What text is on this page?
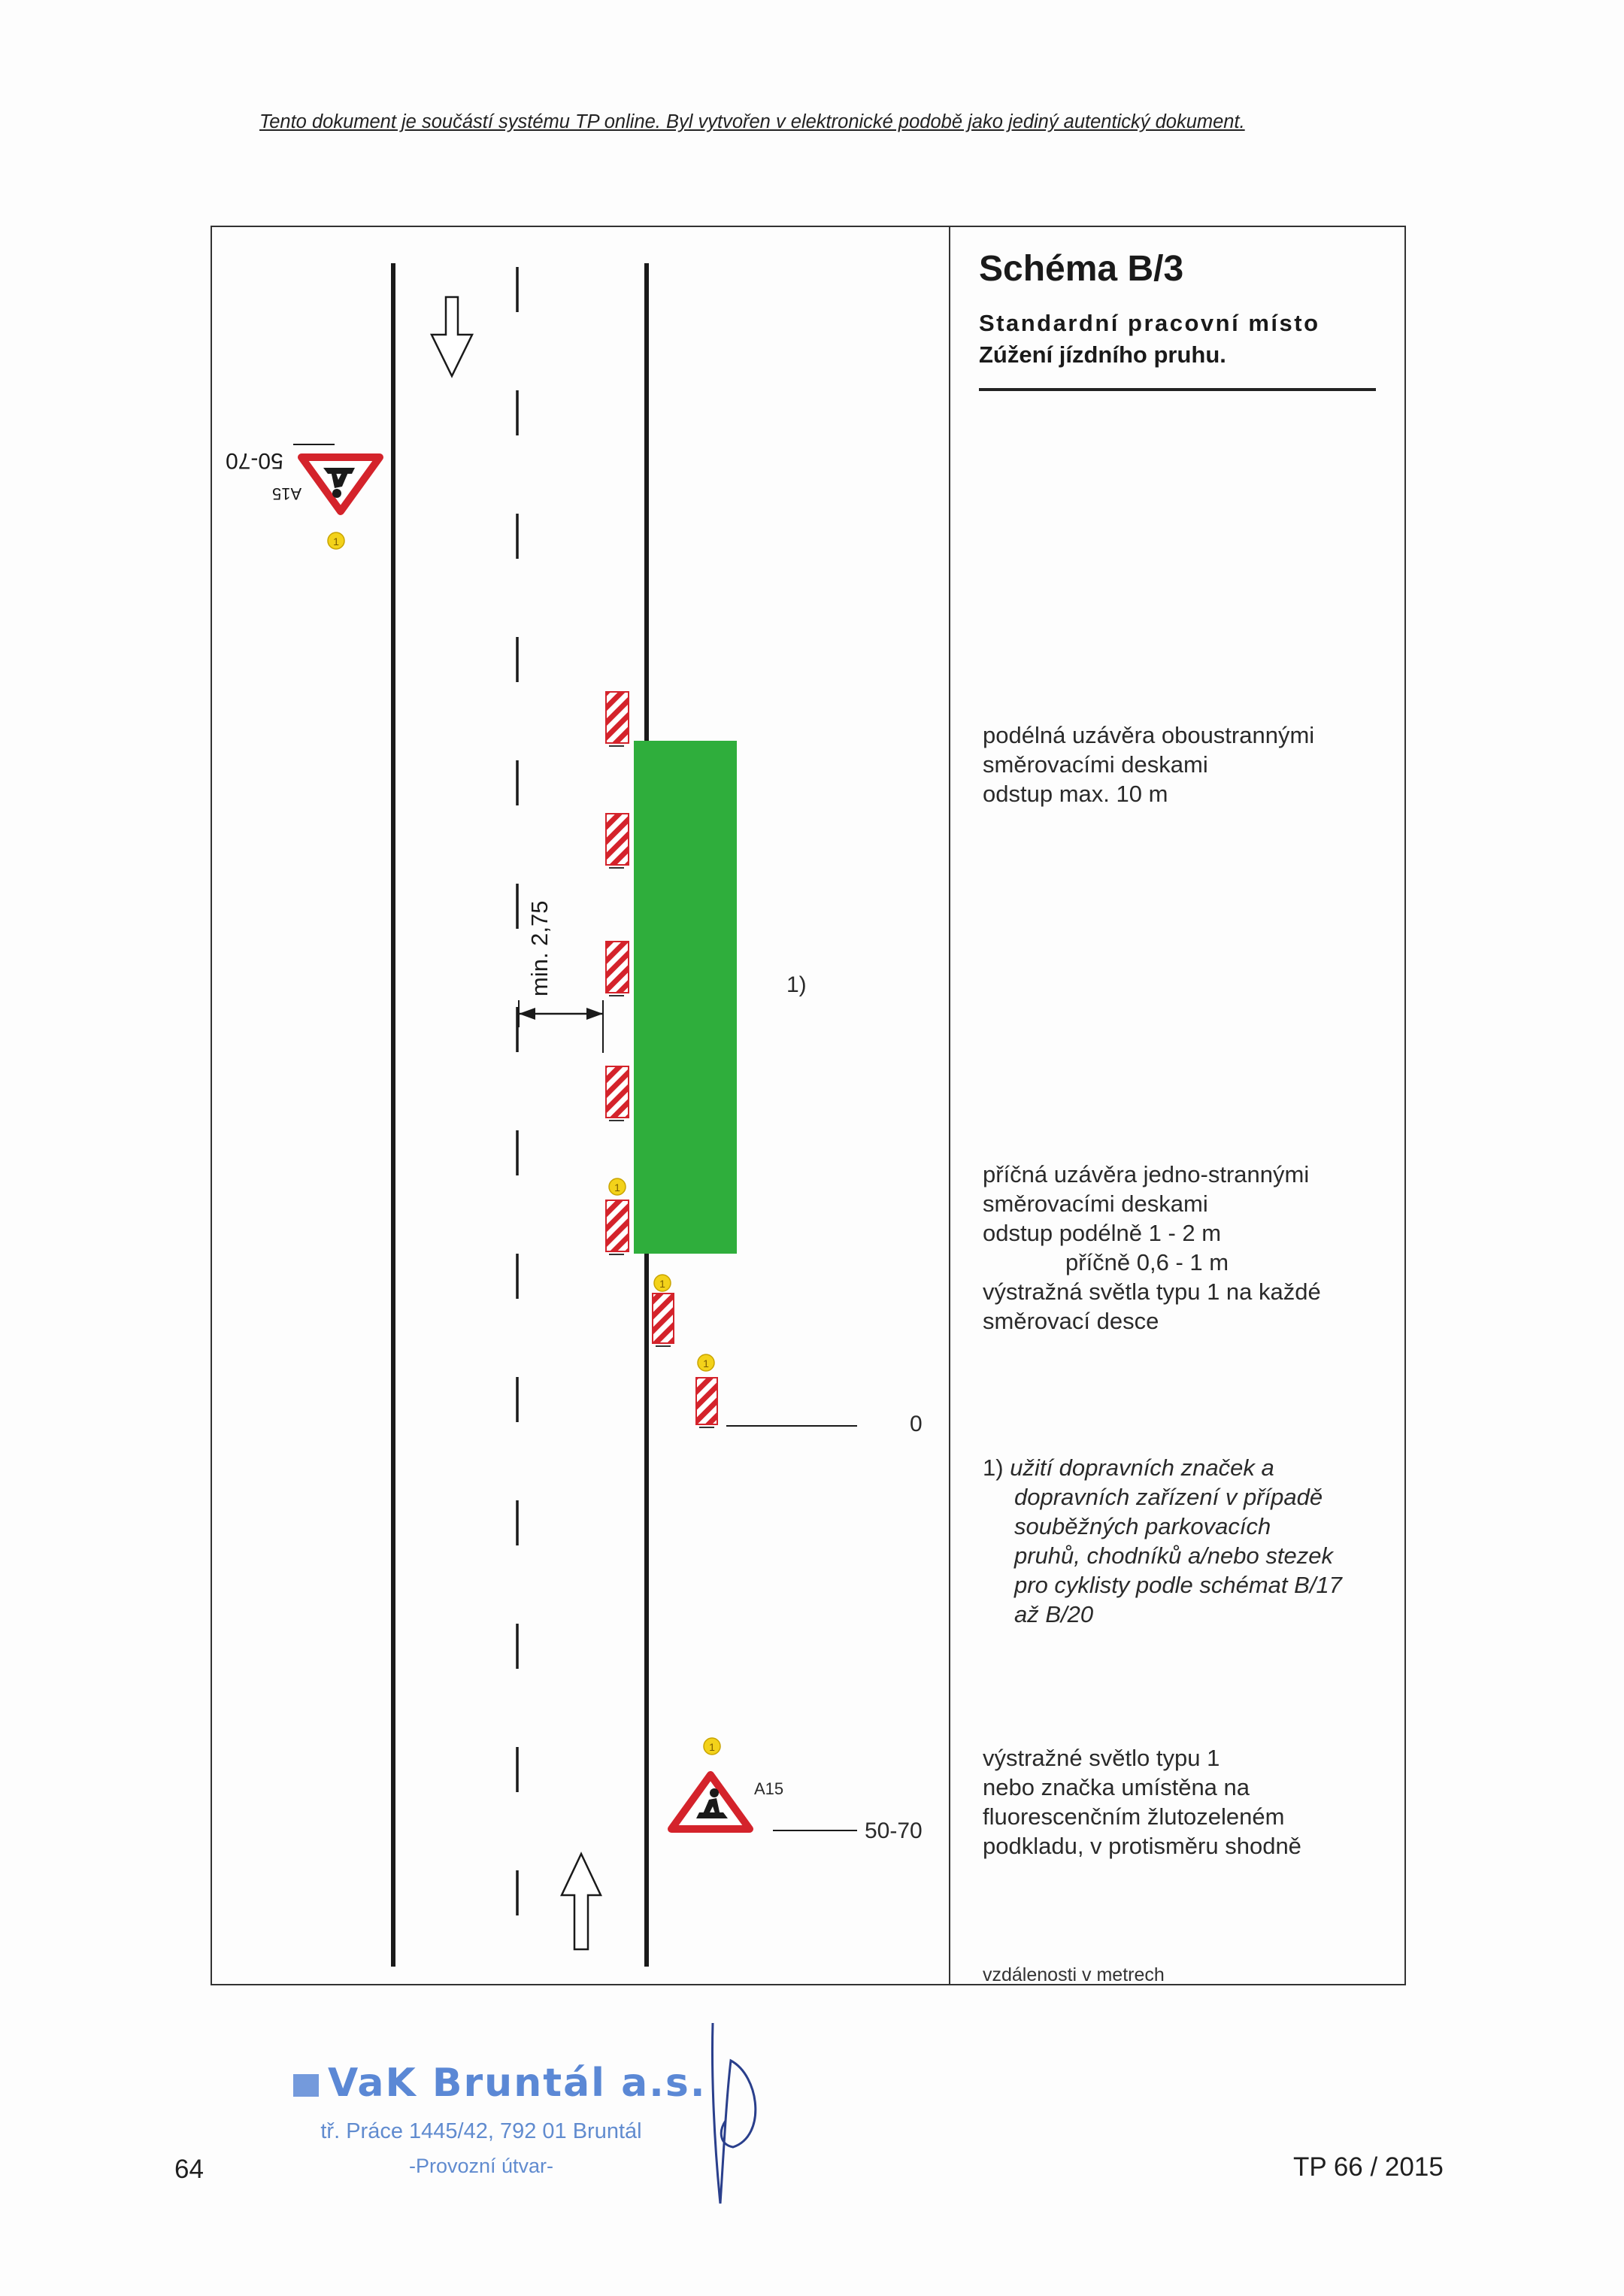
Tento dokument je součástí systému TP online. Byl vytvořen v elektronické podobě jako jediný autentický dokument.
1
1
1
1
1
Schéma B/3
Standardní pracovní místo
Zúžení jízdního pruhu.
podélná uzávěra oboustrannými
směrovacími deskami
odstup max. 10 m
příčná uzávěra jedno-strannými
směrovacími deskami
odstup podélně 1 - 2 m
příčně 0,6 - 1 m
výstražná světla typu 1 na každé
směrovací desce
1) užití dopravních značek a
dopravních zařízení v případě
souběžných parkovacích
pruhů, chodníků a/nebo stezek
pro cyklisty podle schémat B/17
až B/20
výstražné světlo typu 1
nebo značka umístěna na
fluorescenčním žlutozeleném
podkladu, v protisměru shodně
vzdálenosti v metrech
1)
0
50-70
A15
50-70
A15
min. 2,75
VaK Bruntál a.s.
tř. Práce 1445/42, 792 01 Bruntál
-Provozní útvar-
64	TP 66 / 2015
